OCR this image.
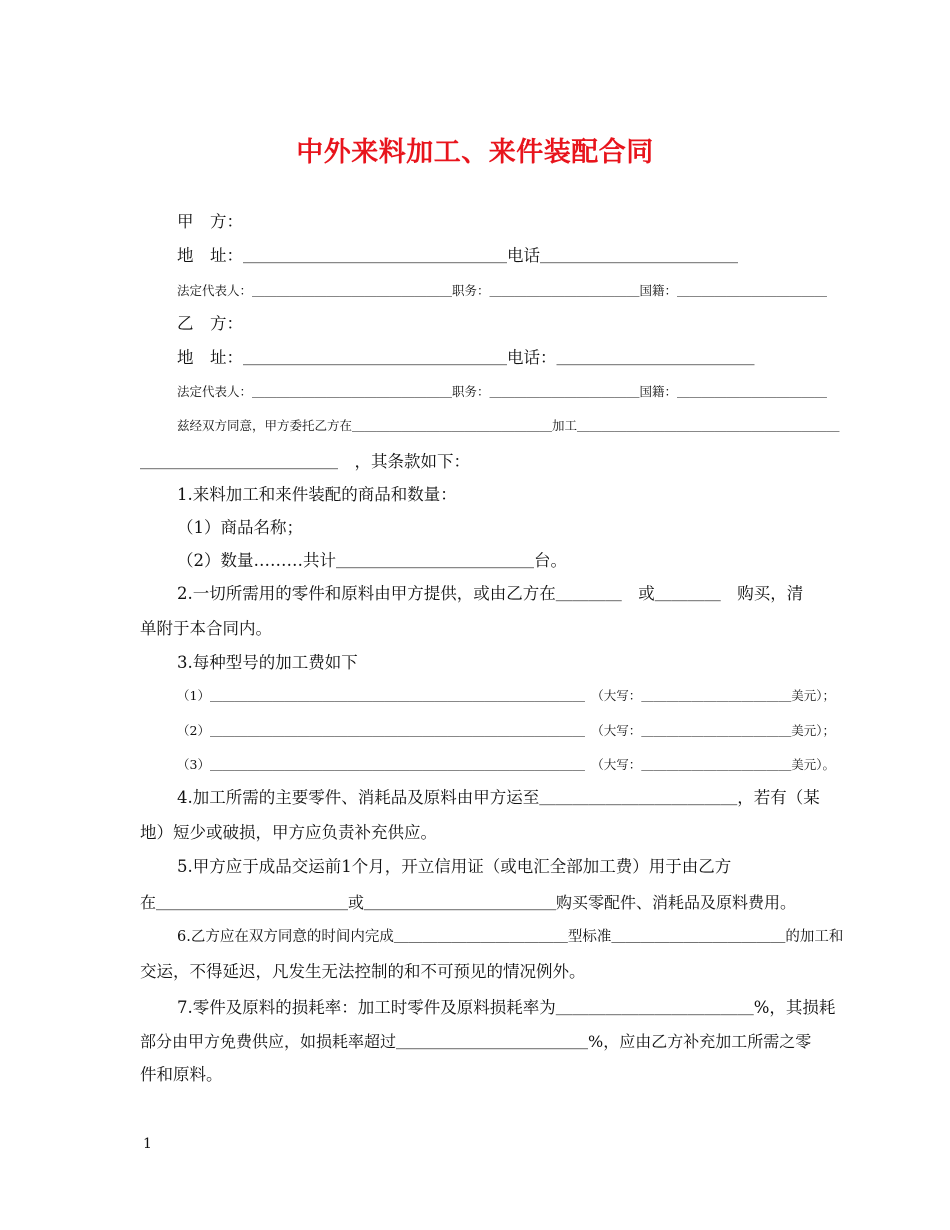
中外来料加工、来件装配合同
甲　方：
地　址：＿＿＿＿＿＿＿＿＿＿＿＿＿＿＿＿电话＿＿＿＿＿＿＿＿＿＿＿＿
法定代表人：＿＿＿＿＿＿＿＿＿＿＿＿＿＿＿＿职务：＿＿＿＿＿＿＿＿＿＿＿＿国籍：＿＿＿＿＿＿＿＿＿＿＿＿
乙　方：
地　址：＿＿＿＿＿＿＿＿＿＿＿＿＿＿＿＿电话：＿＿＿＿＿＿＿＿＿＿＿＿
法定代表人：＿＿＿＿＿＿＿＿＿＿＿＿＿＿＿＿职务：＿＿＿＿＿＿＿＿＿＿＿＿国籍：＿＿＿＿＿＿＿＿＿＿＿＿
兹经双方同意，甲方委托乙方在＿＿＿＿＿＿＿＿＿＿＿＿＿＿＿＿加工＿＿＿＿＿＿＿＿＿＿＿＿＿＿＿＿＿＿＿＿＿
＿＿＿＿＿＿＿＿＿＿＿＿　，其条款如下：
1.来料加工和来件装配的商品和数量：
（1）商品名称；
（2）数量………共计＿＿＿＿＿＿＿＿＿＿＿＿台。
2.一切所需用的零件和原料由甲方提供，或由乙方在＿＿＿＿　或＿＿＿＿　购买，清
单附于本合同内。
3.每种型号的加工费如下
（1）＿＿＿＿＿＿＿＿＿＿＿＿＿＿＿＿＿＿＿＿＿＿＿＿＿＿＿＿＿＿　（大写：＿＿＿＿＿＿＿＿＿＿＿＿美元）；
（2）＿＿＿＿＿＿＿＿＿＿＿＿＿＿＿＿＿＿＿＿＿＿＿＿＿＿＿＿＿＿　（大写：＿＿＿＿＿＿＿＿＿＿＿＿美元）；
（3）＿＿＿＿＿＿＿＿＿＿＿＿＿＿＿＿＿＿＿＿＿＿＿＿＿＿＿＿＿＿　（大写：＿＿＿＿＿＿＿＿＿＿＿＿美元）。
4.加工所需的主要零件、消耗品及原料由甲方运至＿＿＿＿＿＿＿＿＿＿＿＿，若有（某
地）短少或破损，甲方应负责补充供应。
5.甲方应于成品交运前1个月，开立信用证（或电汇全部加工费）用于由乙方
在＿＿＿＿＿＿＿＿＿＿＿＿或＿＿＿＿＿＿＿＿＿＿＿＿购买零配件、消耗品及原料费用。
6.乙方应在双方同意的时间内完成＿＿＿＿＿＿＿＿＿＿＿＿型标准＿＿＿＿＿＿＿＿＿＿＿＿的加工和
交运，不得延迟，凡发生无法控制的和不可预见的情况例外。
7.零件及原料的损耗率：加工时零件及原料损耗率为＿＿＿＿＿＿＿＿＿＿＿＿%，其损耗
部分由甲方免费供应，如损耗率超过＿＿＿＿＿＿＿＿＿＿＿＿%，应由乙方补充加工所需之零
件和原料。
1
